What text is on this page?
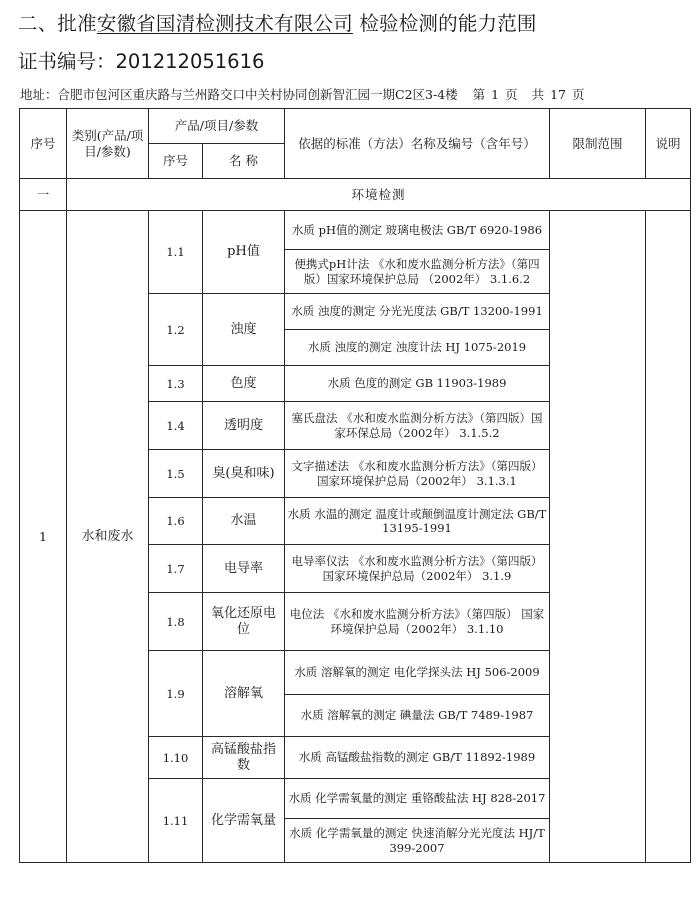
二、批准安徽省国清检测技术有限公司 检验检测的能力范围
证书编号：201212051616
地址：合肥市包河区重庆路与兰州路交口中关村协同创新智汇园一期C2区3-4楼 第 1 页 共 17 页
序号	类别(产品/项目/参数)	产品/项目/参数		依据的标准（方法）名称及编号（含年号）	限制范围	说明
		序号	名 称			
一	环境检测					
1	水和废水	1.1	pH值	水质 pH值的测定 玻璃电极法 GB/T 6920-1986		
				便携式pH计法 《水和废水监测分析方法》（第四版）国家环境保护总局 （2002年） 3.1.6.2		
		1.2	浊度	水质 浊度的测定 分光光度法 GB/T 13200-1991		
				水质 浊度的测定 浊度计法 HJ 1075-2019		
		1.3	色度	水质 色度的测定 GB 11903-1989		
		1.4	透明度	塞氏盘法 《水和废水监测分析方法》（第四版）国家环保总局（2002年） 3.1.5.2		
		1.5	臭(臭和味)	文字描述法 《水和废水监测分析方法》（第四版）国家环境保护总局（2002年） 3.1.3.1		
		1.6	水温	水质 水温的测定 温度计或颠倒温度计测定法 GB/T 13195-1991		
		1.7	电导率	电导率仪法 《水和废水监测分析方法》（第四版） 国家环境保护总局（2002年） 3.1.9		
		1.8	氧化还原电位	电位法 《水和废水监测分析方法》（第四版） 国家环境保护总局（2002年） 3.1.10		
		1.9	溶解氧	水质 溶解氧的测定 电化学探头法 HJ 506-2009		
				水质 溶解氧的测定 碘量法 GB/T 7489-1987		
		1.10	高锰酸盐指数	水质 高锰酸盐指数的测定 GB/T 11892-1989		
		1.11	化学需氧量	水质 化学需氧量的测定 重铬酸盐法 HJ 828-2017		
				水质 化学需氧量的测定 快速消解分光光度法 HJ/T 399-2007		
